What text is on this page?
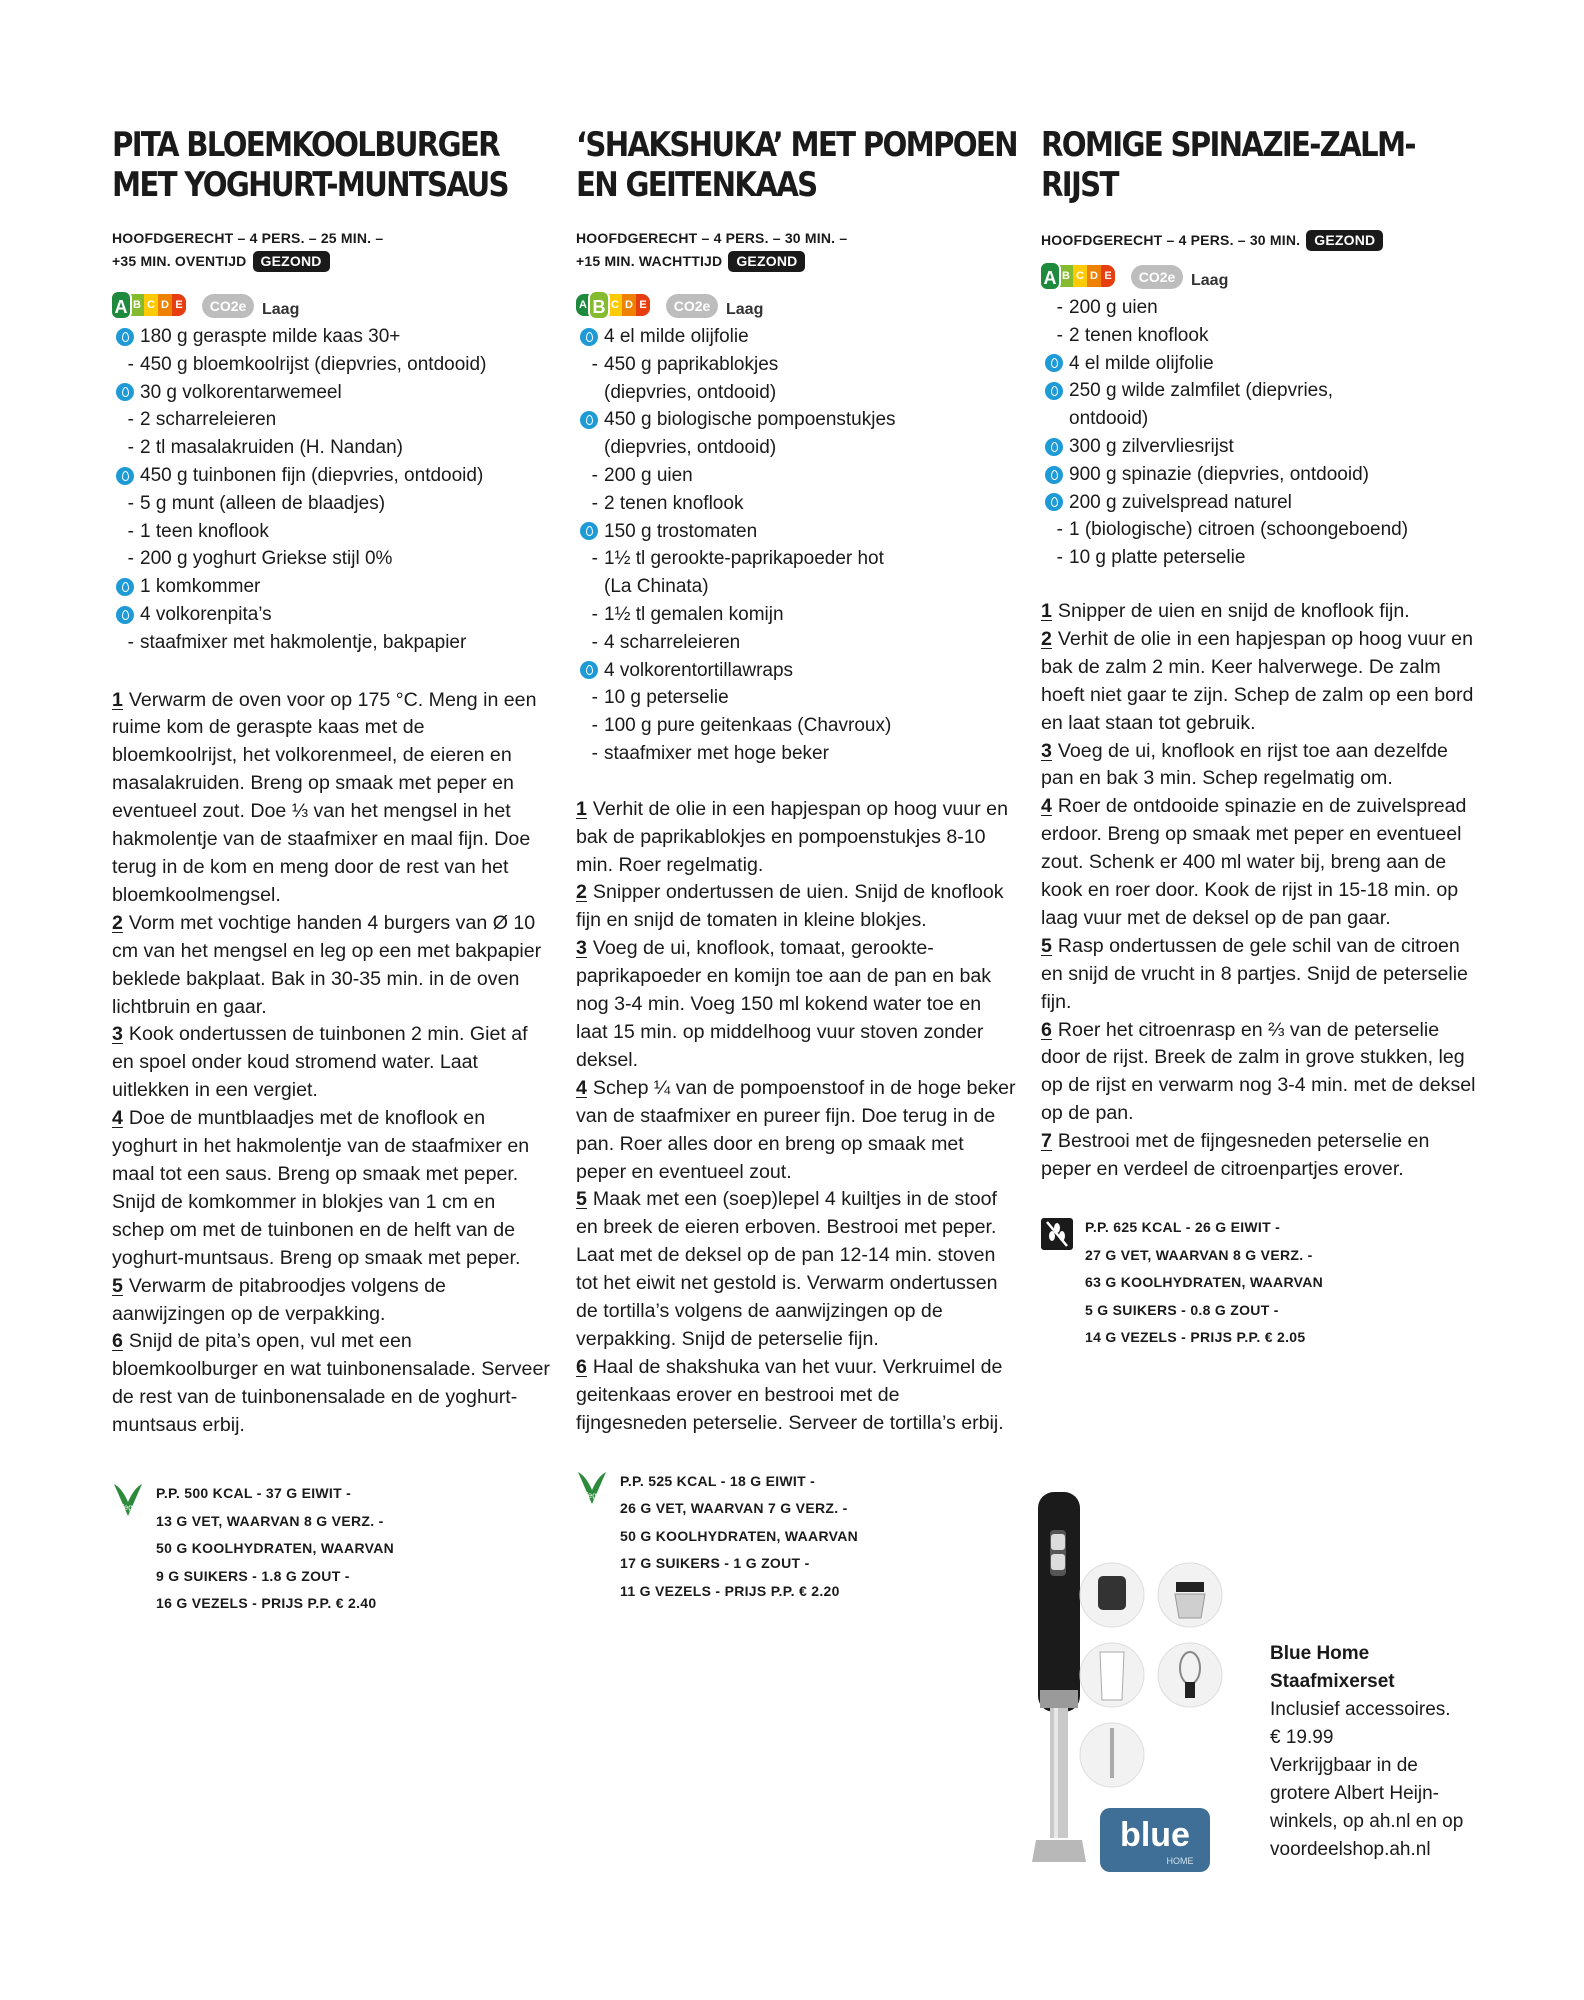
PITA BLOEMKOOLBURGER
MET YOGHURT-MUNTSAUS
HOOFDGERECHT – 4 PERS. – 25 MIN. –
+35 MIN. OVENTIJD GEZOND
A B C D E	CO2e Laag
180 g geraspte milde kaas 30+
- 450 g bloemkoolrijst (diepvries, ontdooid)
30 g volkorentarwemeel
- 2 scharreleieren
- 2 tl masalakruiden (H. Nandan)
450 g tuinbonen fijn (diepvries, ontdooid)
- 5 g munt (alleen de blaadjes)
- 1 teen knoflook
- 200 g yoghurt Griekse stijl 0%
1 komkommer
4 volkorenpita’s
- staafmixer met hakmolentje, bakpapier

1 Verwarm de oven voor op 175 °C. Meng in een ruime kom de geraspte kaas met de bloemkoolrijst, het volkorenmeel, de eieren en masalakruiden. Breng op smaak met peper en eventueel zout. Doe ⅓ van het mengsel in het hakmolentje van de staafmixer en maal fijn. Doe terug in de kom en meng door de rest van het bloemkoolmengsel.

2 Vorm met vochtige handen 4 burgers van Ø 10 cm van het mengsel en leg op een met bakpapier beklede bakplaat. Bak in 30-35 min. in de oven lichtbruin en gaar.

3 Kook ondertussen de tuinbonen 2 min. Giet af en spoel onder koud stromend water. Laat uitlekken in een vergiet.

4 Doe de muntblaadjes met de knoflook en yoghurt in het hakmolentje van de staafmixer en maal tot een saus. Breng op smaak met peper. Snijd de komkommer in blokjes van 1 cm en schep om met de tuinbonen en de helft van de yoghurt-muntsaus. Breng op smaak met peper.

5 Verwarm de pitabroodjes volgens de aanwijzingen op de verpakking.

6 Snijd de pita’s open, vul met een bloemkoolburger en wat tuinbonensalade. Serveer de rest van de tuinbonensalade en de yoghurt-muntsaus erbij.

Vega
P.P. 500 KCAL - 37 G EIWIT -
13 G VET, WAARVAN 8 G VERZ. -
50 G KOOLHYDRATEN, WAARVAN
9 G SUIKERS - 1.8 G ZOUT -
16 G VEZELS - PRIJS P.P. € 2.40
‘SHAKSHUKA’ MET POMPOEN
EN GEITENKAAS
HOOFDGERECHT – 4 PERS. – 30 MIN. –
+15 MIN. WACHTTIJD GEZOND
A B C D E	CO2e Laag
4 el milde olijfolie
- 450 g paprikablokjes
(diepvries, ontdooid)
450 g biologische pompoenstukjes
(diepvries, ontdooid)
- 200 g uien
- 2 tenen knoflook
150 g trostomaten
- 1½ tl gerookte-paprikapoeder hot
(La Chinata)
- 1½ tl gemalen komijn
- 4 scharreleieren
4 volkorentortillawraps
- 10 g peterselie
- 100 g pure geitenkaas (Chavroux)
- staafmixer met hoge beker

1 Verhit de olie in een hapjespan op hoog vuur en bak de paprikablokjes en pompoenstukjes 8-10 min. Roer regelmatig.

2 Snipper ondertussen de uien. Snijd de knoflook fijn en snijd de tomaten in kleine blokjes.

3 Voeg de ui, knoflook, tomaat, gerookte-paprikapoeder en komijn toe aan de pan en bak nog 3-4 min. Voeg 150 ml kokend water toe en laat 15 min. op middelhoog vuur stoven zonder deksel.

4 Schep ¼ van de pompoenstoof in de hoge beker van de staafmixer en pureer fijn. Doe terug in de pan. Roer alles door en breng op smaak met peper en eventueel zout.

5 Maak met een (soep)lepel 4 kuiltjes in de stoof en breek de eieren erboven. Bestrooi met peper. Laat met de deksel op de pan 12-14 min. stoven tot het eiwit net gestold is. Verwarm ondertussen de tortilla’s volgens de aanwijzingen op de verpakking. Snijd de peterselie fijn.

6 Haal de shakshuka van het vuur. Verkruimel de geitenkaas erover en bestrooi met de fijngesneden peterselie. Serveer de tortilla’s erbij.

Vega
P.P. 525 KCAL - 18 G EIWIT -
26 G VET, WAARVAN 7 G VERZ. -
50 G KOOLHYDRATEN, WAARVAN
17 G SUIKERS - 1 G ZOUT -
11 G VEZELS - PRIJS P.P. € 2.20
ROMIGE SPINAZIE-ZALM-RIJST
HOOFDGERECHT – 4 PERS. – 30 MIN. GEZOND
A B C D E	CO2e Laag
- 200 g uien
- 2 tenen knoflook
4 el milde olijfolie
250 g wilde zalmfilet (diepvries,
ontdooid)
300 g zilvervliesrijst
900 g spinazie (diepvries, ontdooid)
200 g zuivelspread naturel
- 1 (biologische) citroen (schoongeboend)
- 10 g platte peterselie

1 Snipper de uien en snijd de knoflook fijn.

2 Verhit de olie in een hapjespan op hoog vuur en bak de zalm 2 min. Keer halverwege. De zalm hoeft niet gaar te zijn. Schep de zalm op een bord en laat staan tot gebruik.

3 Voeg de ui, knoflook en rijst toe aan dezelfde pan en bak 3 min. Schep regelmatig om.

4 Roer de ontdooide spinazie en de zuivelspread erdoor. Breng op smaak met peper en eventueel zout. Schenk er 400 ml water bij, breng aan de kook en roer door. Kook de rijst in 15-18 min. op laag vuur met de deksel op de pan gaar.

5 Rasp ondertussen de gele schil van de citroen en snijd de vrucht in 8 partjes. Snijd de peterselie fijn.

6 Roer het citroenrasp en ⅔ van de peterselie door de rijst. Breek de zalm in grove stukken, leg op de rijst en verwarm nog 3-4 min. met de deksel op de pan.

7 Bestrooi met de fijngesneden peterselie en peper en verdeel de citroenpartjes erover.

P.P. 625 KCAL - 26 G EIWIT -
27 G VET, WAARVAN 8 G VERZ. -
63 G KOOLHYDRATEN, WAARVAN
5 G SUIKERS - 0.8 G ZOUT -
14 G VEZELS - PRIJS P.P. € 2.05
blue
HOME
Blue Home
Staafmixerset
Inclusief accessoires.
€ 19.99
Verkrijgbaar in de
grotere Albert Heijn-
winkels, op ah.nl en op
voordeelshop.ah.nl
